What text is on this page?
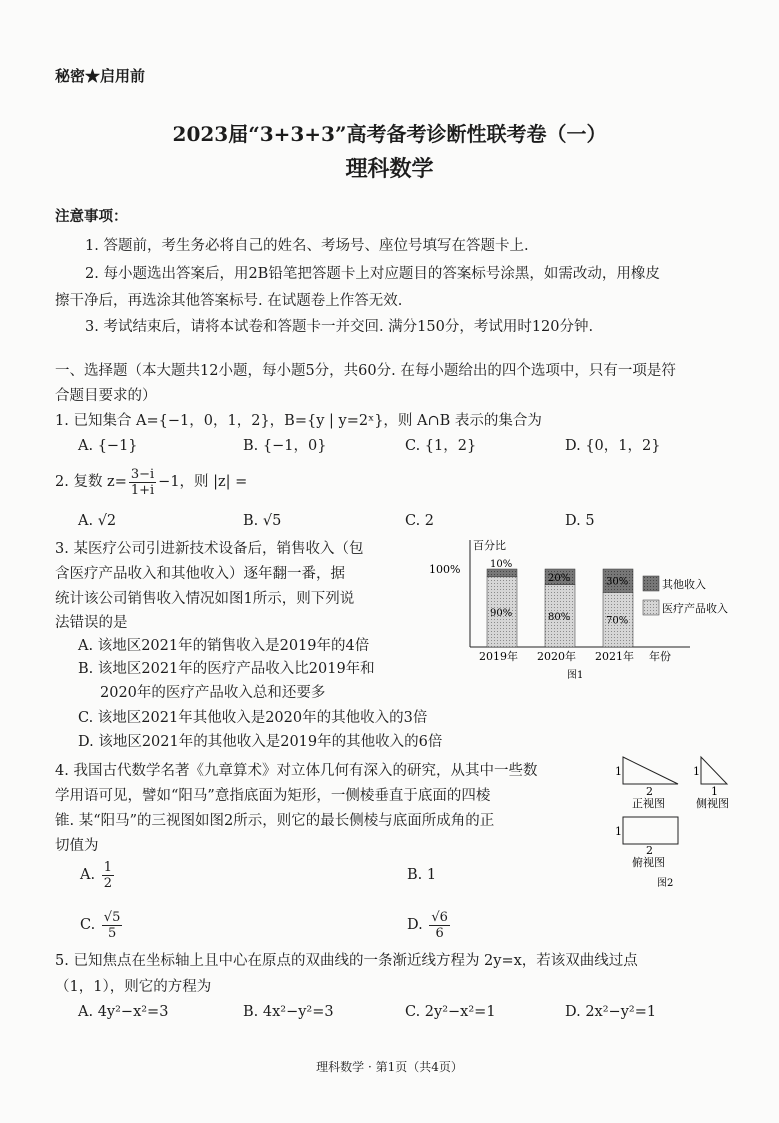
秘密★启用前
2023届“3+3+3”高考备考诊断性联考卷（一）
理科数学
注意事项：
1. 答题前，考生务必将自己的姓名、考场号、座位号填写在答题卡上.
2. 每小题选出答案后，用2B铅笔把答题卡上对应题目的答案标号涂黑，如需改动，用橡皮
擦干净后，再选涂其他答案标号. 在试题卷上作答无效.
3. 考试结束后，请将本试卷和答题卡一并交回. 满分150分，考试用时120分钟.
一、选择题（本大题共12小题，每小题5分，共60分. 在每小题给出的四个选项中，只有一项是符
合题目要求的）
1. 已知集合 A={−1，0，1，2}，B={y | y=2ˣ}，则 A∩B 表示的集合为
A. {−1}	B. {−1，0}	C. {1，2}	D. {0，1，2}
2. 复数 $z= \frac{3-i}{1+i} -1$，则 |z| =
A. √2	B. √5	C. 2	D. 5
3. 某医疗公司引进新技术设备后，销售收入（包
含医疗产品收入和其他收入）逐年翻一番，据
统计该公司销售收入情况如图1所示，则下列说
法错误的是
A. 该地区2021年的销售收入是2019年的4倍
B. 该地区2021年的医疗产品收入比2019年和
2020年的医疗产品收入总和还要多
C. 该地区2021年其他收入是2020年的其他收入的3倍
D. 该地区2021年的其他收入是2019年的其他收入的6倍
100%
百分比
年份
90%
10%
2019年
80%
20%
2020年
70%
30%
2021年
其他收入
医疗产品收入
图1
4. 我国古代数学名著《九章算术》对立体几何有深入的研究，从其中一些数
学用语可见，譬如“阳马”意指底面为矩形，一侧棱垂直于底面的四棱
锥. 某“阳马”的三视图如图2所示，则它的最长侧棱与底面所成角的正
切值为
A. $\frac{1}{2}$	B. 1
C. $\frac{√5}{5}$	D. $\frac{√6}{6}$
1
2
正视图
1
1
侧视图
1
2
俯视图
图2
5. 已知焦点在坐标轴上且中心在原点的双曲线的一条渐近线方程为 2y=x，若该双曲线过点
（1，1），则它的方程为
A. 4y²−x²=3	B. 4x²−y²=3	C. 2y²−x²=1	D. 2x²−y²=1
理科数学 · 第1页（共4页）
